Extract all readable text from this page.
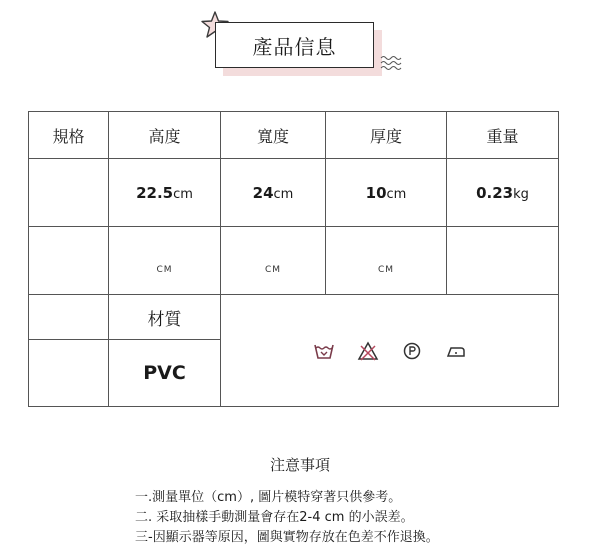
產品信息
規格	高度	寬度	厚度	重量
	22.5cm	24cm	10cm	0.23kg
	CM	CM	CM	
	材質	

	PVC			
注意事項
一.測量單位（cm）, 圖片模特穿著只供參考。
二. 采取抽樣手動測量會存在2-4 cm 的小誤差。
三-因顯示器等原因，圖與實物存放在色差不作退換。
